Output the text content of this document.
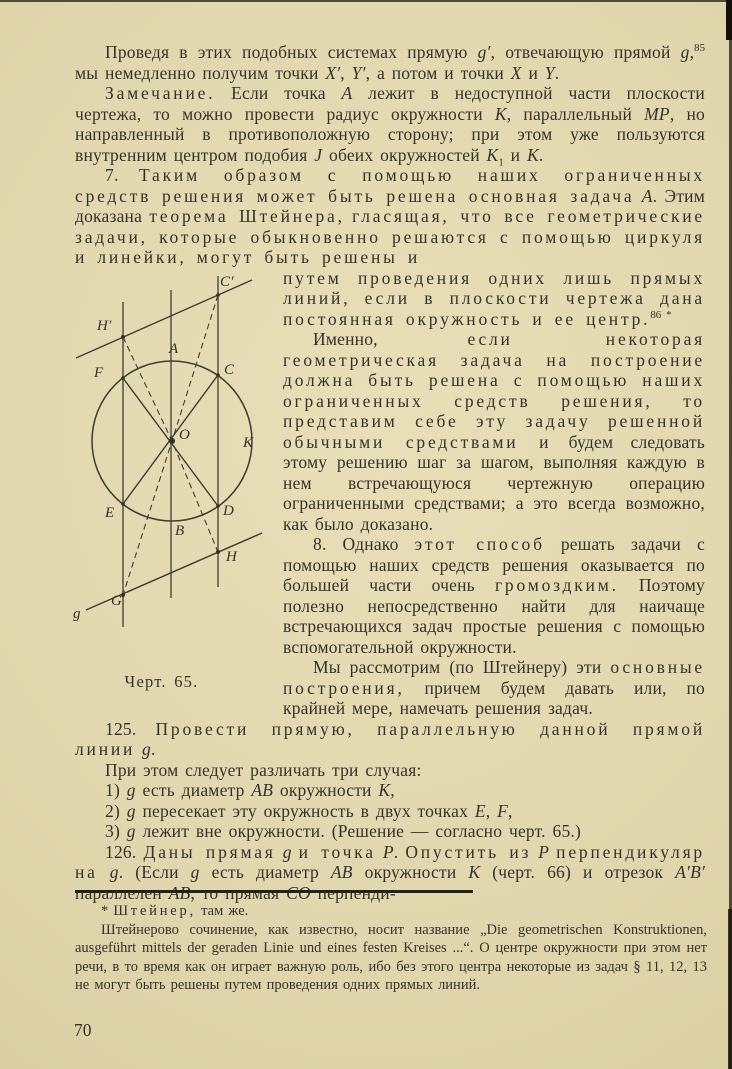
Проведя в этих подобных системах прямую g′, отвечающую прямой g,$^{85}$ мы немедленно получим точки X′, Y′, а потом и точки X и Y.

Замечание. Если точка A лежит в недоступной части плоскости чертежа, то можно провести радиус окружности K, параллельный MP, но направленный в противоположную сторону; при этом уже пользуются внутренним центром подобия J обеих окружностей $K_1$ и K.

7. Таким образом с помощью наших ограниченных средств решения может быть решена основная задача A. Этим доказана теорема Штейнера, гласящая, что все геометрические задачи, которые обыкновенно решаются с помощью циркуля и линейки, могут быть решены и

C′
H′
A
F	C
O	K
E	D
B
H
G
g
Черт. 65.

путем проведения одних лишь прямых линий, если в плоскости чертежа дана постоянная окружность и ее центр.$^{86 *}$

Именно, если некоторая геометрическая задача на построение должна быть решена с помощью наших ограниченных средств решения, то представим себе эту задачу решенной обычными средствами и будем следовать этому решению шаг за шагом, выполняя каждую в нем встречающуюся чертежную операцию ограниченными средствами; а это всегда возможно, как было доказано.

8. Однако этот способ решать задачи с помощью наших средств решения оказывается по большей части очень громоздким. Поэтому полезно непосредственно найти для наичаще встречающихся задач простые решения с помощью вспомогательной окружности.

Мы рассмотрим (по Штейнеру) эти основные построения, причем будем давать или, по крайней мере, намечать решения задач.

125. Провести прямую, параллельную данной прямой линии g.

При этом следует различать три случая:

1) g есть диаметр AB окружности K,

2) g пересекает эту окружность в двух точках E, F,

3) g лежит вне окружности. (Решение — согласно черт. 65.)

126. Даны прямая g и точка P. Опустить из P перпендикуляр на g. (Если g есть диаметр AB окружности K (черт. 66) и отрезок A′B′

* Штейнер, там же.

Штейнерово сочинение, как известно, носит название „Die geometrischen Konstruktionen, ausgeführt mittels der geraden Linie und eines festen Kreises ...“. О центре окружности при этом нет речи, в то время как он играет важную роль, ибо без этого центра некоторые из задач § 11, 12, 13 не могут быть решены путем проведения одних прямых линий.

70
